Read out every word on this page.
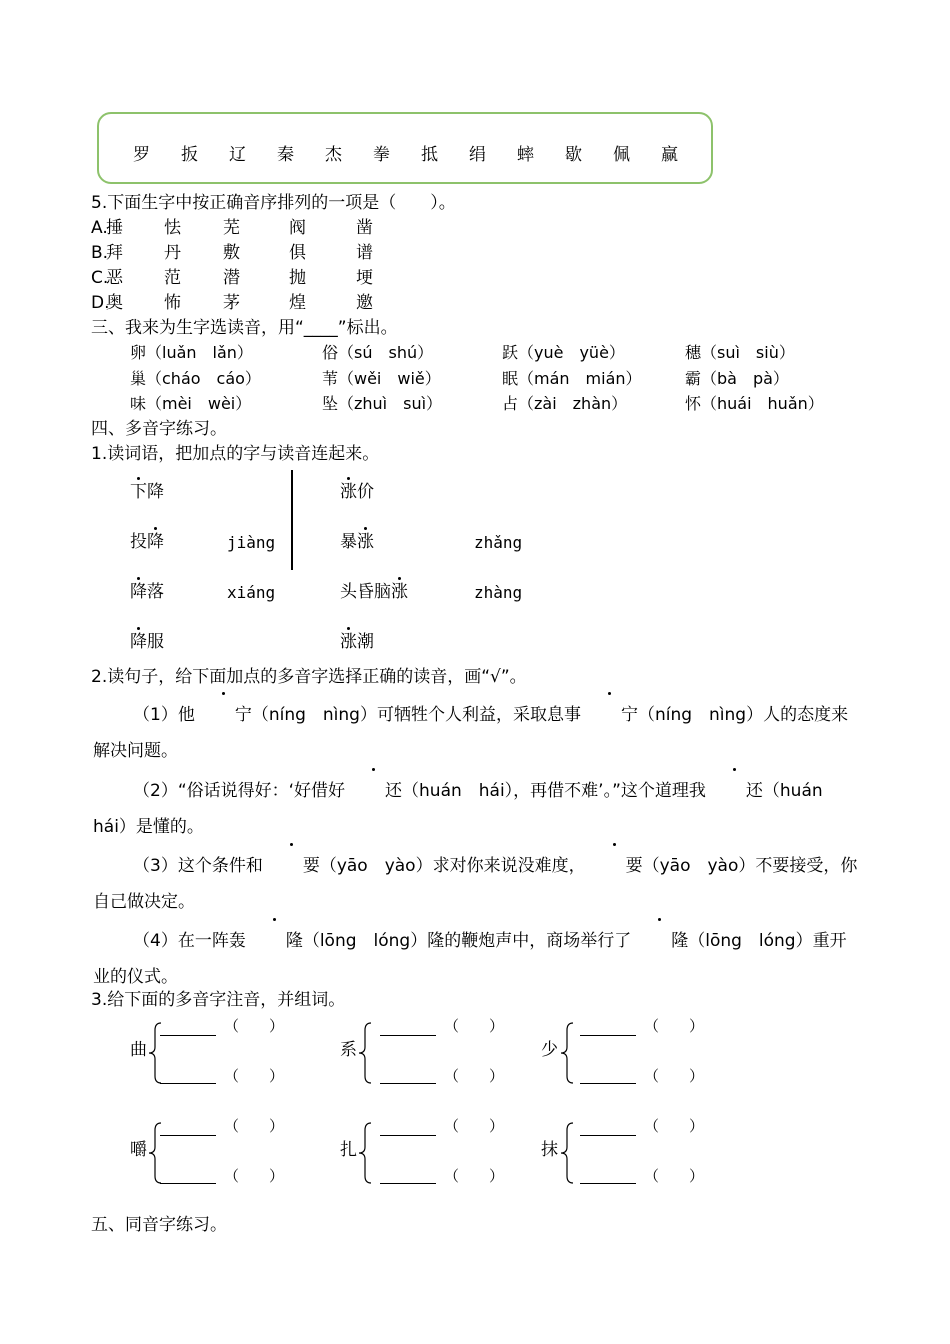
罗 扳 辽 秦 杰 拳 抵 绢 蟀 歇 佩 赢
5.下面生字中按正确音序排列的一项是（　　）。
A.
捶 怯 芜	阀	凿
B.
拜 丹 敷	俱	谱
C.
恶 范 潜	抛	埂
D.
奥 怖 茅	煌	邀
三、我来为生字选读音，用“____”标出。
卵（luǎn　lǎn）	俗（sú　shú）	跃（yuè　yüè）	穗（suì　siù）
巢（cháo　cáo）	苇（wěi　wiě）	眠（mán　mián）	霸（bà　pà）
味（mèi　wèi）	坠（zhuì　suì）	占（zài　zhàn）	怀（huái　huǎn）
四、多音字练习。
1.读词语，把加点的字与读音连起来。
下降
投降
降落
降服
jiàng
xiáng
涨价
暴涨
头昏脑涨
涨潮
zhǎng
zhàng
2.读句子，给下面加点的多音字选择正确的读音，画“√”。
（1）他 宁（níng　nìng）可牺牲个人利益，采取息事 宁（níng　nìng）人的态度来解决问题。
（2）“俗话说得好：‘好借好 还（huán　hái），再借不难’。”这个道理我 还（huán hái）是懂的。
（3）这个条件和 要（yāo　yào）求对你来说没难度， 要（yāo　yào）不要接受，你自己做决定。
（4）在一阵轰 隆（lōng　lóng）隆的鞭炮声中，商场举行了 隆（lōng　lóng）重开业的仪式。
3.给下面的多音字注音，并组词。
曲
（　　）
（　　）
系
（　　）
（　　）
少
（　　）
（　　）
嚼
（　　）
（　　）
扎
（　　）
（　　）
抹
（　　）
（　　）
五、同音字练习。
